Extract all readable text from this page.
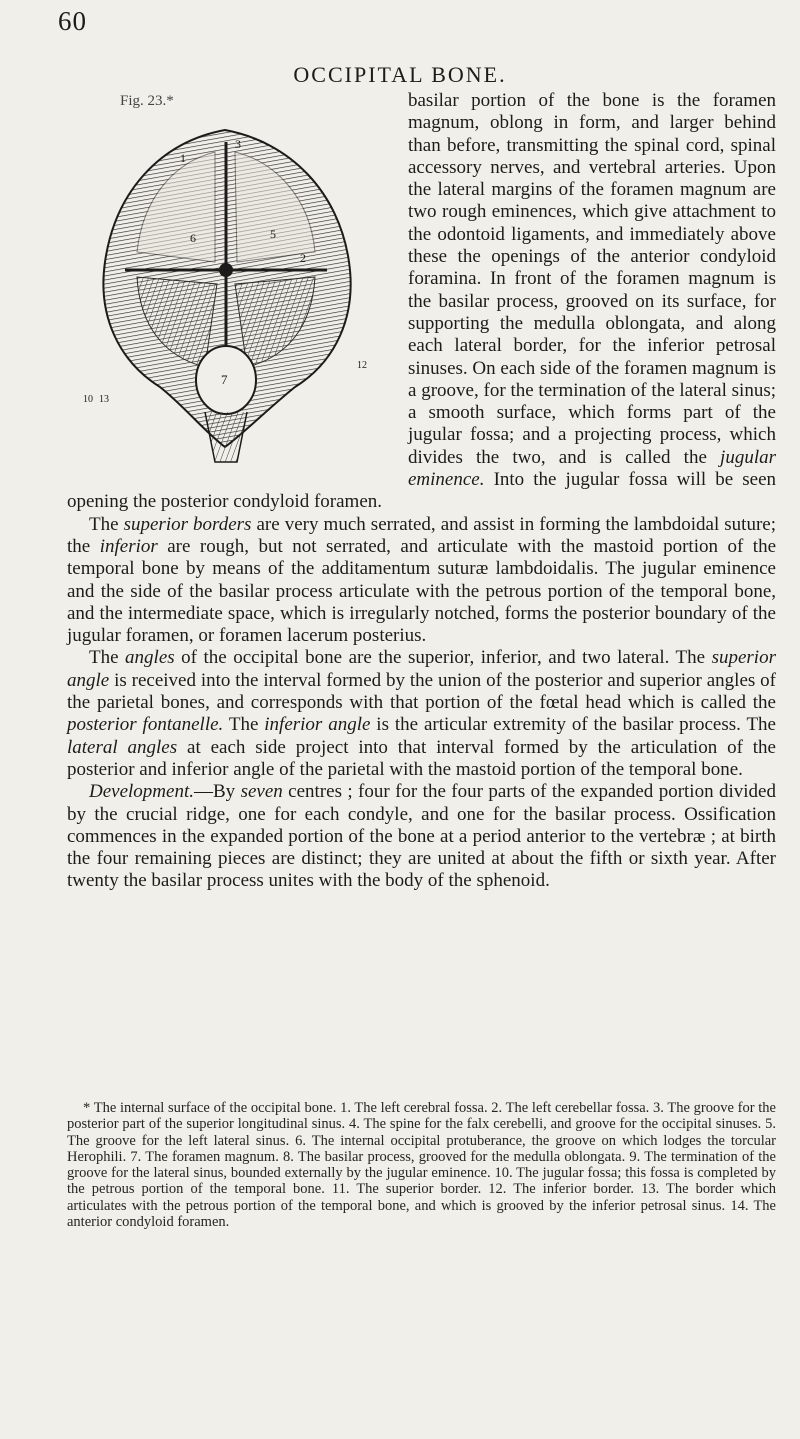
60
OCCIPITAL BONE.
Fig. 23.*
1
2
3
5
6
7
10
12
13

basilar portion of the bone is the foramen magnum, oblong in form, and larger behind than before, transmitting the spinal cord, spinal accessory nerves, and vertebral arteries. Upon the lateral margins of the foramen magnum are two rough eminences, which give attachment to the odontoid ligaments, and immediately above these the openings of the anterior condyloid foramina. In front of the foramen magnum is the basilar process, grooved on its surface, for supporting the medulla oblongata, and along each lateral border, for the inferior petrosal sinuses. On each side of the foramen magnum is a groove, for the termination of the lateral sinus; a smooth surface, which forms part of the jugular fossa; and a projecting process, which divides the two, and is called the jugular eminence. Into the jugular fossa will be seen opening the posterior condyloid foramen.

The superior borders are very much serrated, and assist in forming the lambdoidal suture; the inferior are rough, but not serrated, and articulate with the mastoid portion of the temporal bone by means of the additamentum suturæ lambdoidalis. The jugular eminence and the side of the basilar process articulate with the petrous portion of the temporal bone, and the intermediate space, which is irregularly notched, forms the posterior boundary of the jugular foramen, or foramen lacerum posterius.

The angles of the occipital bone are the superior, inferior, and two lateral. The superior angle is received into the interval formed by the union of the posterior and superior angles of the parietal bones, and corresponds with that portion of the fœtal head which is called the posterior fontanelle. The inferior angle is the articular extremity of the basilar process. The lateral angles at each side project into that interval formed by the articulation of the posterior and inferior angle of the parietal with the mastoid portion of the temporal bone.

Development.—By seven centres ; four for the four parts of the expanded portion divided by the crucial ridge, one for each condyle, and one for the basilar process. Ossification commences in the expanded portion of the bone at a period anterior to the vertebræ ; at birth the four remaining pieces are distinct; they are united at about the fifth or sixth year. After twenty the basilar process unites with the body of the sphenoid.

* The internal surface of the occipital bone. 1. The left cerebral fossa. 2. The left cerebellar fossa. 3. The groove for the posterior part of the superior longitudinal sinus. 4. The spine for the falx cerebelli, and groove for the occipital sinuses. 5. The groove for the left lateral sinus. 6. The internal occipital protuberance, the groove on which lodges the torcular Herophili. 7. The foramen magnum. 8. The basilar process, grooved for the medulla oblongata. 9. The termination of the groove for the lateral sinus, bounded externally by the jugular eminence. 10. The jugular fossa; this fossa is completed by the petrous portion of the temporal bone. 11. The superior border. 12. The inferior border. 13. The border which articulates with the petrous portion of the temporal bone, and which is grooved by the inferior petrosal sinus. 14. The anterior condyloid foramen.
